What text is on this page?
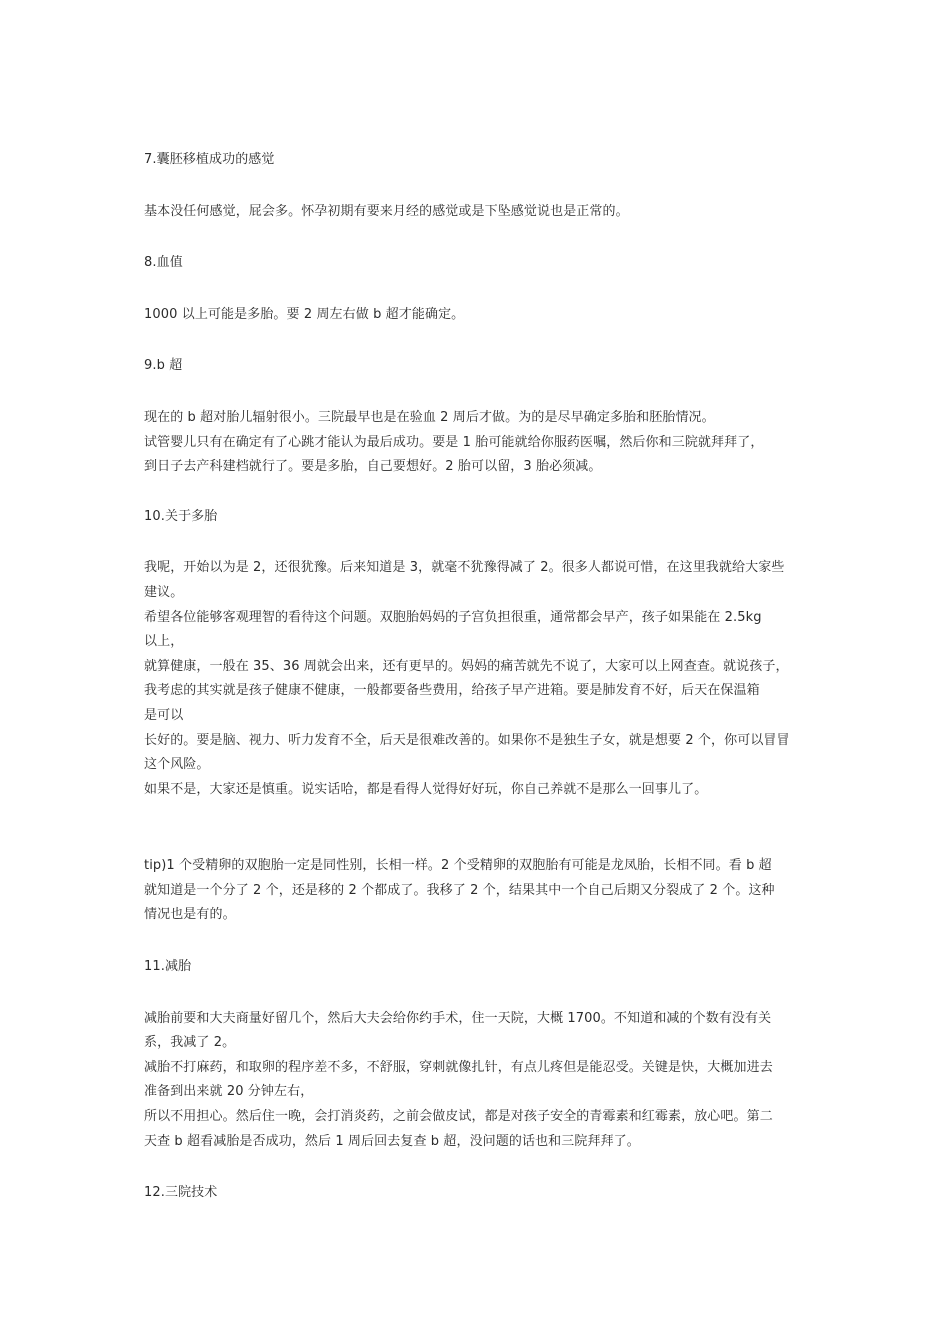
7.囊胚移植成功的感觉

基本没任何感觉，屁会多。怀孕初期有要来月经的感觉或是下坠感觉说也是正常的。

8.血值

1000 以上可能是多胎。要 2 周左右做 b 超才能确定。

9.b 超

现在的 b 超对胎儿辐射很小。三院最早也是在验血 2 周后才做。为的是尽早确定多胎和胚胎情况。

试管婴儿只有在确定有了心跳才能认为最后成功。要是 1 胎可能就给你服药医嘱，然后你和三院就拜拜了，

到日子去产科建档就行了。要是多胎，自己要想好。2 胎可以留，3 胎必须减。

10.关于多胎

我呢，开始以为是 2，还很犹豫。后来知道是 3，就毫不犹豫得减了 2。很多人都说可惜，在这里我就给大家些

建议。

希望各位能够客观理智的看待这个问题。双胞胎妈妈的子宫负担很重，通常都会早产，孩子如果能在 2.5kg

以上，

就算健康，一般在 35、36 周就会出来，还有更早的。妈妈的痛苦就先不说了，大家可以上网查查。就说孩子，

我考虑的其实就是孩子健康不健康，一般都要备些费用，给孩子早产进箱。要是肺发育不好，后天在保温箱

是可以

长好的。要是脑、视力、听力发育不全，后天是很难改善的。如果你不是独生子女，就是想要 2 个，你可以冒冒

这个风险。

如果不是，大家还是慎重。说实话哈，都是看得人觉得好好玩，你自己养就不是那么一回事儿了。

tip)1 个受精卵的双胞胎一定是同性别，长相一样。2 个受精卵的双胞胎有可能是龙凤胎，长相不同。看 b 超

就知道是一个分了 2 个，还是移的 2 个都成了。我移了 2 个，结果其中一个自己后期又分裂成了 2 个。这种

情况也是有的。

11.减胎

减胎前要和大夫商量好留几个，然后大夫会给你约手术，住一天院，大概 1700。不知道和减的个数有没有关

系，我减了 2。

减胎不打麻药，和取卵的程序差不多，不舒服，穿刺就像扎针，有点儿疼但是能忍受。关键是快，大概加进去

准备到出来就 20 分钟左右，

所以不用担心。然后住一晚，会打消炎药，之前会做皮试，都是对孩子安全的青霉素和红霉素，放心吧。第二

天查 b 超看减胎是否成功，然后 1 周后回去复查 b 超，没问题的话也和三院拜拜了。

12.三院技术
